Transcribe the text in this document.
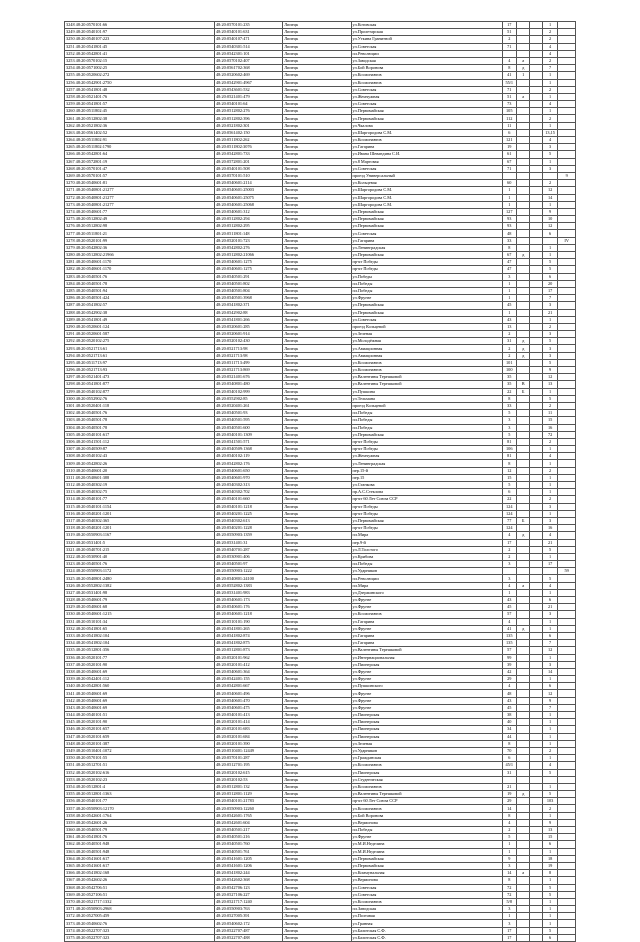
3248 48:20:0570101:66	48:20:0570101:235	Липецк	ул.Котовская	17			1	
3249 48:20:0540101:97	48:20:0540101:631	Липецк	ул.Пролетарская	51			2	
3250 48:20:0540107:223	48:20:0540107:471	Липецк	ул.Уткина Гранитной	2			2	
3251 48:20:0541801:45	48:20:0540301:514	Липецк	ул.Советская	71			4	
3252 48:20:0542801:41	48:20:0542301:101	Липецк	пл.Революции				4	
3253 48:20:0570102:15	48:20:0570102:407	Липецк	ул.Заводская	4	а		2	
3254 48:20:0571002:25	48:20:0561702:368	Липецк	ул.Бой Воронова	8	д		7	
3255 48:20:0520602:272	48:20:0520602:469	Липецк	ул.Космонавтов	41	1		1	
3256 48:20:0542901:2750	48:20:0542901:4967	Липецк	ул.Космонавтов	55/1			1	
3257 48:20:0541801:48	48:20:0543601:532	Липецк	ул.Советская	71			2	
3258 48:20:0521401:76	48:20:0521401:479	Липецк	ул.Жемчужная	51	а		1	
3259 48:20:0541801:57	48:20:0540101:64	Липецк	ул.Советская	73			4	
3260 48:20:0511802:45	48:20:0512802:276	Липецк	ул.Первомайская	105			1	
3261 48:20:0512802:38	48:20:0512802:396	Липецк	ул.Первомайская	112			2	
3262 48:20:0521802:36	48:20:0521802:301	Липецк	ул.Чкалова	11			1	
3263 48:20:0561402:52	48:20:0561402:150	Липецк	ул.Шаргородова С.М.	6			13,15	
3264 48:20:0511802:91	48:20:0511802:262	Липецк	ул.Космонавтов	121			4	
3265 48:20:0511802:1790	48:20:0511802:3076	Липецк	ул.Гагарина	19			3	
3266 48:20:0542801:64	48:20:0542801:733	Липецк	ул.Ивана Шевандина С.И.	61			5	
3267 48:20:0572801:19	48:20:0572801:201	Липецк	ул.8 Мартовая	67			1	
3268 48:20:0570101:47	48:20:0540101:508	Липецк	ул.Советская	71			3	
3269 48:20:0570101:57	48:20:0570101:510	Липецк	проезд Универсальный					9
3270 48:20:0540601:81	48:20:0540601:2114	Липецк	ул.Кольцевая	60			2	
3271 48:20:0540801:21277	48:20:0540601:25003	Липецк	ул.Шаргородова С.М.	1			12	
3272 48:20:0540801:21277	48:20:0540601:25075	Липецк	ул.Шаргородова С.М.	1			14	
3273 48:20:0540801:21277	48:20:0540601:25068	Липецк	ул.Шаргородова С.М.	1			1	
3274 48:20:0540601:77	48:20:0540601:312	Липецк	ул.Первомайская	127			9	
3275 48:20:0512802:49	48:20:0512802:294	Липецк	ул.Первомайская	93			10	
3276 48:20:0512802:98	48:20:0512802:295	Липецк	ул.Первомайская	93			12	
3277 48:20:0511801:21	48:20:0511801:148	Липецк	ул.Советская	48			6	
3278 48:20:0520101:99	48:20:0520101:723	Липецк	ул.Гагарина	33				IV
3279 48:20:0542802:36	48:20:0542802:276	Липецк	ул.Ленинградская	8			1	
3280 48:20:0512802:21966	48:20:0512802:21066	Липецк	ул.Первомайская	67	д		1	
3281 48:20:0540601:1170	48:20:0540601:1275	Липецк	пр-кт Победы	47			5	
3282 48:20:0540601:1170	48:20:0540601:1275	Липецк	пр-кт Победы	47			5	
3283 48:20:0540501:76	48:20:0540501:291	Липецк	ул.Победы	3			6	
3284 48:20:0540501:78	48:20:0540501:802	Липецк	пл.Победы	1			20	
3285 48:20:0540501:94	48:20:0540501:804	Липецк	пл.Победы	1			17	
3286 48:20:0540501:424	48:20:0540501:3968	Липецк	ул.Фрунзе	1			7	
3287 48:20:0541802:57	48:20:0541802:371	Липецк	ул.Первомайская	45			3	
3288 48:20:0542902:38	48:20:0542902:88	Липецк	ул.Первомайская	1			21	
3289 48:20:0541801:49	48:20:0541801:266	Липецк	ул.Советская	43			1	
3290 48:20:0520601:124	48:20:0520601:285	Липецк	проезд Кольцевой	13			2	
3291 48:20:0520601:587	48:20:0520601:914	Липецк	ул.Зеленая	2			3	
3292 48:20:0520102:275	48:20:0520102:430	Липецк	ул.Молодёжная	31	д		5	
3293 48:20:0521713:61	48:20:0521713:98	Липецк	ул.Авиационная	2	д		3	
3294 48:20:0521713:61	48:20:0521713:98	Липецк	ул.Авиационная	2	д		3	
3295 48:20:0511713:97	48:20:0511713:499	Липецк	ул.Космонавтов	101			5	
3296 48:20:0521713:93	48:20:0521713:869	Липецк	ул.Космонавтов	100			9	
3297 48:20:0521401:473	48:20:0521401:676	Липецк	ул.Валентины Терешковой	35			12	
3298 48:20:0541801:877	48:20:0540801:480	Липецк	ул.Валентины Терешковой	35	В		13	
3299 48:20:0540102:877	48:20:0540102:999	Липецк	ул.Пушкина	22	Б		1	
3300 48:20:0552902:76	48:20:0552902:85	Липецк	ул.Тельмана	8			5	
3301 48:20:0520401:118	48:20:0520401:261	Липецк	проезд Кольцевой	33			2	
3302 48:20:0540501:76	48:20:0540501:93	Липецк	пл.Победы	5			11	
3303 48:20:0540501:78	48:20:0540501:595	Липецк	пл.Победы	3			15	
3304 48:20:0540501:78	48:20:0540501:600	Липецк	пл.Победы	3			16	
3305 48:20:0540101:617	48:20:0540101:1309	Липецк	ул.Первомайская	5			72	
3306 48:20:0541501:112	48:20:0541501:571	Липецк	пр-кт Победы	81			2	
3307 48:20:0540509:87	48:20:0540509:1368	Липецк	пр-кт Победы	106			1	
3308 48:20:0540102:43	48:20:0540102:119	Липецк	ул.Жемчужная	81			4	
3309 48:20:0542802:26	48:20:0542802:176	Липецк	ул.Ленинградская	8			1	
3310 48:20:0540601:20	48:20:0540601:650	Липецк	пер.15-й	12			2	
3311 48:20:0540601:388	48:20:0540601:970	Липецк	пер.15	15			1	
3312 48:20:0540302:19	48:20:0540302:313	Липецк	ул.Станкова	5			1	
3313 48:20:0540302:75	48:20:0540302:702	Липецк	пр.А.С.Стеклова	6			1	
3314 48:20:0540101:77	48:20:0540101:660	Липецк	пр-кт 60 Лет Союза ССР	22			2	
3315 48:20:0540101:1154	48:20:0540101:1218	Липецк	пр-кт Победы	124			3	
3316 48:20:0540201:1201	48:20:0540201:1225	Липецк	пр-кт Победы	124			1	
3317 48:20:0540302:365	48:20:0540302:613	Липецк	ул.Первомайская	77	Б		3	
3318 48:20:0540201:1201	48:20:0540201:1228	Липецк	пр-кт Победы	124			16	
3319 48:20:0550903:1167	48:20:0550903:1359	Липецк	пл.Мира	4	д		4	
3320 48:20:0531401:5	48:20:0531401:31	Липецк	пер.9-й	17			21	
3321 48:20:0540701:215	48:20:0540701:287	Липецк	ул.Л.Толстого	2			5	
3322 48:20:0530901:40	48:20:0530901:406	Липецк	ул.Крибова	2			1	
3323 48:20:0540501:76	48:20:0540501:97	Липецк	пл.Победы	3			17	
3324 48:20:0550903:1172	48:20:0550903:1222	Липецк	ул.Ударников					59
3325 48:20:0540801:2480	48:20:0540801:24100	Липецк	пл.Революции	3			5	
3326 48:20:0552802:1382	48:20:0552802:1383	Липецк	пл.Мира	4	а		4	
3327 48:20:0531401:98	48:20:0531401:983	Липецк	ул.Дзержинского	1			1	
3328 48:20:0540601:79	48:20:0540601:173	Липецк	ул.Фрунзе	43			6	
3329 48:20:0540601:68	48:20:0540601:176	Липецк	ул.Фрунзе	45			21	
3330 48:20:0540601:1215	48:20:0540601:1218	Липецк	ул.Космонавтов	57			3	
3331 48:20:0510101:34	48:20:0510101:190	Липецк	ул.Гагарина	4			1	
3332 48:20:0541801:65	48:20:0541801:265	Липецк	ул.Фрунзе	41	д		1	
3333 48:20:0541802:104	48:20:0541802:874	Липецк	ул.Гагарина	135			6	
3334 48:20:0541802:104	48:20:0541802:875	Липецк	ул.Гагарина	135			7	
3335 48:20:0512801:356	48:20:0512801:873	Липецк	ул.Валентины Терешковой	57			12	
3336 48:20:0520101:77	48:20:0520101:962	Липецк	ул.Интернациональная	99			1	
3337 48:20:0520101:90	48:20:0520101:412	Липецк	ул.Пионерская	39			3	
3338 48:20:0540601:69	48:20:0540601:364	Липецк	ул.Фрунзе	42			14	
3339 48:20:0542401:112	48:20:0542401:155	Липецк	ул.Фрунзе	29			1	
3340 48:20:0542801:560	48:20:0542801:667	Липецк	ул.Пушкинского	4			6	
3341 48:20:0540601:69	48:20:0540601:496	Липецк	ул.Фрунзе	48			12	
3342 48:20:0540601:69	48:20:0540601:470	Липецк	ул.Фрунзе	43			9	
3343 48:20:0540601:69	48:20:0540601:475	Липецк	ул.Фрунзе	45			7	
3344 48:20:0540101:51	48:20:0540101:413	Липецк	ул.Пионерская	38			1	
3345 48:20:0520101:90	48:20:0520101:414	Липецк	ул.Пионерская	40			1	
3346 48:20:0520101:657	48:20:0520101:683	Липецк	ул.Пионерская	34			1	
3347 48:20:0520101:659	48:20:0520101:684	Липецк	ул.Пионерская	44			1	
3348 48:20:0520101:387	48:20:0520101:390	Липецк	ул.Зеленая	8			1	
3349 48:20:0510401:1072	48:20:0510401:12449	Липецк	ул.Ударников	70			2	
3350 48:20:0570101:55	48:20:0570101:287	Липецк	ул.Гражданская	6			1	
3351 48:20:0512701:51	48:20:0512701:195	Липецк	ул.Космонавтов	45/1			4	
3352 48:20:0520102:616	48:20:0520102:615	Липецк	ул.Пионерская	31			5	
3353 48:20:0520102:23	48:20:0520102:53	Липецк	ул.Студенческая					
3354 48:20:0512801:4	48:20:0512801:132	Липецк	ул.Космонавтов	21			1	
3355 48:20:0512801:1363	48:20:0512801:1129	Липецк	ул.Валентины Терешковой	19	д		5	
3356 48:20:0540101:77	48:20:0540101:21783	Липецк	пр-кт 60 Лет Союза ССР	29			103	
3357 48:20:0550903:12170	48:20:0550903:12260	Липецк	ул.Космонавтов	14			2	
3358 48:20:0542601:1764	48:20:0542601:1765	Липецк	ул.Бой Воронова	8			1	
3359 48:20:0542601:26	48:20:0542601:604	Липецк	ул.Вермонова	4			9	
3360 48:20:0540501:79	48:20:0540501:217	Липецк	пл.Победы	2			13	
3361 48:20:0541801:76	48:20:0540501:216	Липецк	ул.Фрунзе	5			15	
3362 48:20:0540501:948	48:20:0540501:760	Липецк	ул.М.И.Неделина	1			6	
3363 48:20:0540501:948	48:20:0540501:761	Липецк	ул.М.И.Неделина	1			1	
3364 48:20:0541601:617	48:20:0541601:1205	Липецк	ул.Первомайская	9			18	
3365 48:20:0541601:617	48:20:0541601:1206	Липецк	ул.Первомайская	3			19	
3366 48:20:0541802:168	48:20:0541802:244	Липецк	ул.Коммунальная	14	а		8	
3367 48:20:0542602:26	48:20:0542602:368	Липецк	ул.Вермонова	8			1	
3368 48:20:0542706:51	48:20:0542706:123	Липецк	ул.Советская	72			5	
3369 48:20:0527106:51	48:20:0527106:227	Липецк	ул.Советская	72			5	
3370 48:20:0521717:1332	48:20:0521717:1240	Липецк	ул.Космонавтов	5/8			1	
3371 48:20:0550903:2968	48:20:0550903:763	Липецк	пл.Заводская	3			1	
3372 48:20:0527005:459	48:20:0527005:391	Липецк	ул.Полтавая	1			1	
3373 48:20:0540602:76	48:20:0540602:172	Липецк	ул.Гранная	3			1	
3374 48:20:0522707:323	48:20:0522707:487	Липецк	ул.Балитская С.Ф.	17			5	
3375 48:20:0522707:323	48:20:0522707:488	Липецк	ул.Балитская С.Ф.	17			6	
